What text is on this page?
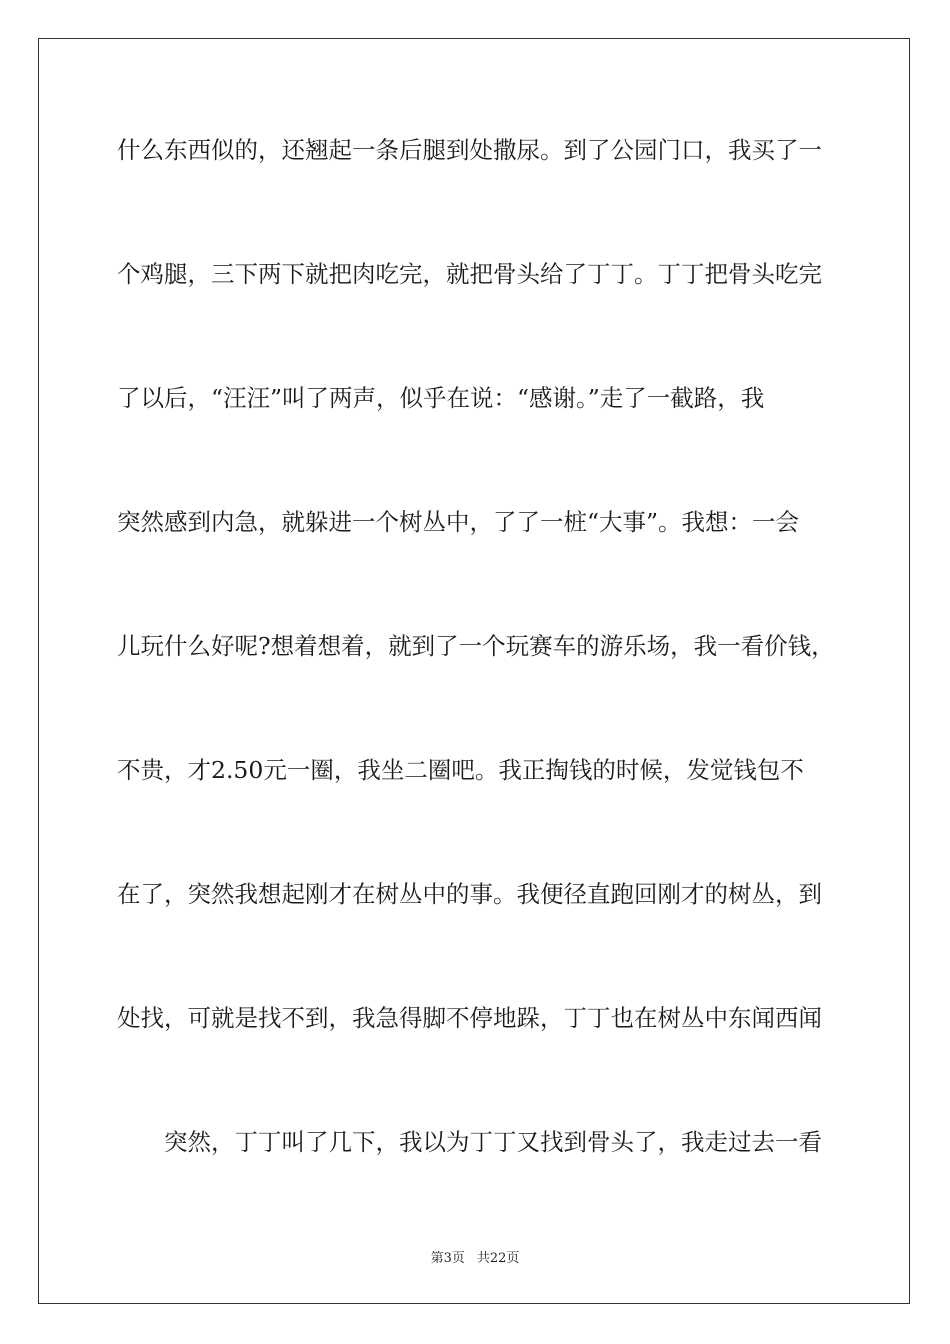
什么东西似的，还翘起一条后腿到处撒尿。到了公园门口，我买了一
个鸡腿，三下两下就把肉吃完，就把骨头给了丁丁。丁丁把骨头吃完
了以后，“汪汪”叫了两声，似乎在说：“感谢。”走了一截路，我
突然感到内急，就躲进一个树丛中，了了一桩“大事”。我想：一会
儿玩什么好呢?想着想着，就到了一个玩赛车的游乐场，我一看价钱，
不贵，才2.50元一圈，我坐二圈吧。我正掏钱的时候，发觉钱包不
在了，突然我想起刚才在树丛中的事。我便径直跑回刚才的树丛，到
处找，可就是找不到，我急得脚不停地跺，丁丁也在树丛中东闻西闻
突然，丁丁叫了几下，我以为丁丁又找到骨头了，我走过去一看
第3页 共22页
